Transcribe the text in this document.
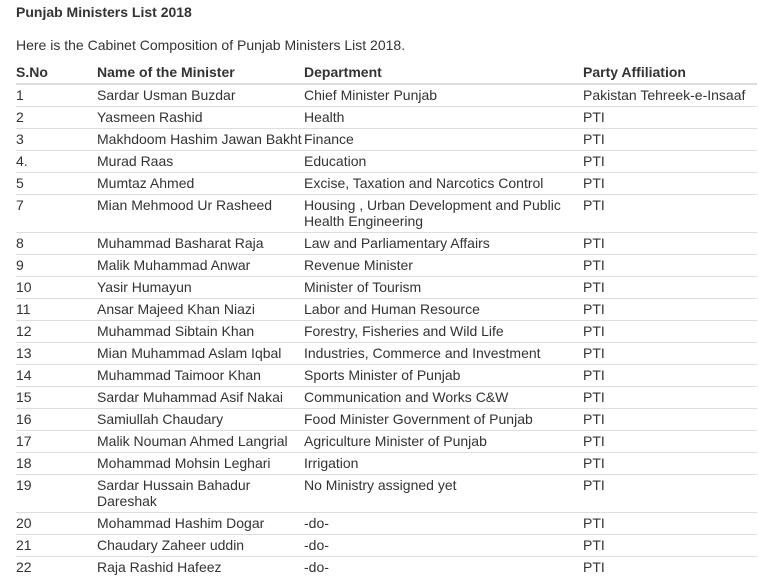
Punjab Ministers List 2018

Here is the Cabinet Composition of Punjab Ministers List 2018.

S.No	Name of the Minister	Department	Party Affiliation
1	Sardar Usman Buzdar	Chief Minister Punjab	Pakistan Tehreek-e-Insaaf
2	Yasmeen Rashid	Health	PTI
3	Makhdoom Hashim Jawan Bakht	Finance	PTI
4.	Murad Raas	Education	PTI
5	Mumtaz Ahmed	Excise, Taxation and Narcotics Control	PTI
7	Mian Mehmood Ur Rasheed	Housing , Urban Development and Public Health Engineering	PTI
8	Muhammad Basharat Raja	Law and Parliamentary Affairs	PTI
9	Malik Muhammad Anwar	Revenue Minister	PTI
10	Yasir Humayun	Minister of Tourism	PTI
11	Ansar Majeed Khan Niazi	Labor and Human Resource	PTI
12	Muhammad Sibtain Khan	Forestry, Fisheries and Wild Life	PTI
13	Mian Muhammad Aslam Iqbal	Industries, Commerce and Investment	PTI
14	Muhammad Taimoor Khan	Sports Minister of Punjab	PTI
15	Sardar Muhammad Asif Nakai	Communication and Works C&W	PTI
16	Samiullah Chaudary	Food Minister Government of Punjab	PTI
17	Malik Nouman Ahmed Langrial	Agriculture Minister of Punjab	PTI
18	Mohammad Mohsin Leghari	Irrigation	PTI
19	Sardar Hussain Bahadur Dareshak	No Ministry assigned yet	PTI
20	Mohammad Hashim Dogar	-do-	PTI
21	Chaudary Zaheer uddin	-do-	PTI
22	Raja Rashid Hafeez	-do-	PTI
